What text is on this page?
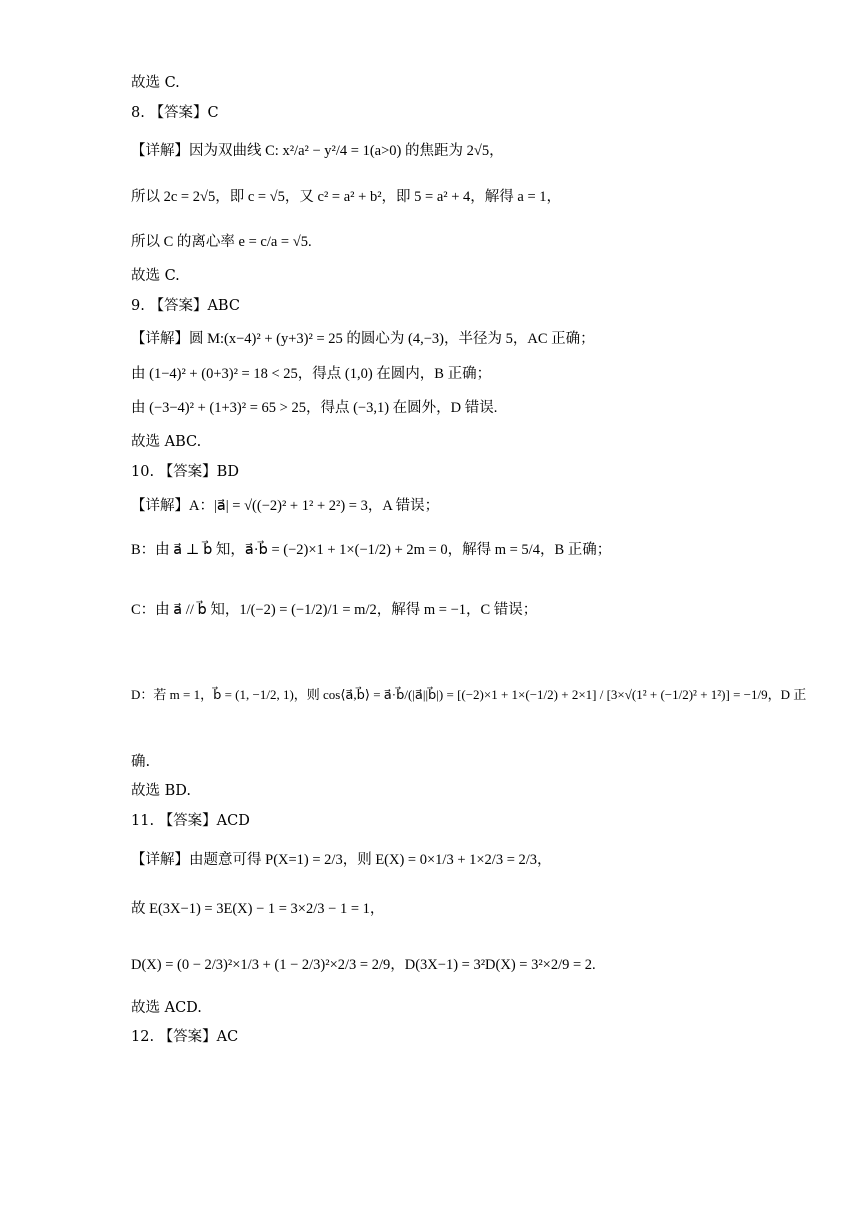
故选 C.
8. 【答案】C
【详解】因为双曲线 C: x²/a² − y²/4 = 1(a>0) 的焦距为 2√5，
所以 2c = 2√5，即 c = √5，又 c² = a² + b²，即 5 = a² + 4，解得 a = 1，
所以 C 的离心率 e = c/a = √5.
故选 C.
9. 【答案】ABC
【详解】圆 M:(x−4)² + (y+3)² = 25 的圆心为 (4,−3)，半径为 5，AC 正确；
由 (1−4)² + (0+3)² = 18 < 25，得点 (1,0) 在圆内，B 正确；
由 (−3−4)² + (1+3)² = 65 > 25，得点 (−3,1) 在圆外，D 错误.
故选 ABC.
10. 【答案】BD
【详解】A：|a⃗| = √((−2)² + 1² + 2²) = 3，A 错误；
B：由 a⃗ ⊥ b⃗ 知，a⃗·b⃗ = (−2)×1 + 1×(−1/2) + 2m = 0，解得 m = 5/4，B 正确；
C：由 a⃗ // b⃗ 知，1/(−2) = (−1/2)/1 = m/2，解得 m = −1，C 错误；
D：若 m = 1，b⃗ = (1, −1/2, 1)，则 cos⟨a⃗,b⃗⟩ = a⃗·b⃗/(|a⃗||b⃗|) = [(−2)×1 + 1×(−1/2) + 2×1] / [3×√(1² + (−1/2)² + 1²)] = −1/9，D 正
确.
故选 BD.
11. 【答案】ACD
【详解】由题意可得 P(X=1) = 2/3，则 E(X) = 0×1/3 + 1×2/3 = 2/3，
故 E(3X−1) = 3E(X) − 1 = 3×2/3 − 1 = 1，
D(X) = (0 − 2/3)²×1/3 + (1 − 2/3)²×2/3 = 2/9，D(3X−1) = 3²D(X) = 3²×2/9 = 2.
故选 ACD.
12. 【答案】AC
